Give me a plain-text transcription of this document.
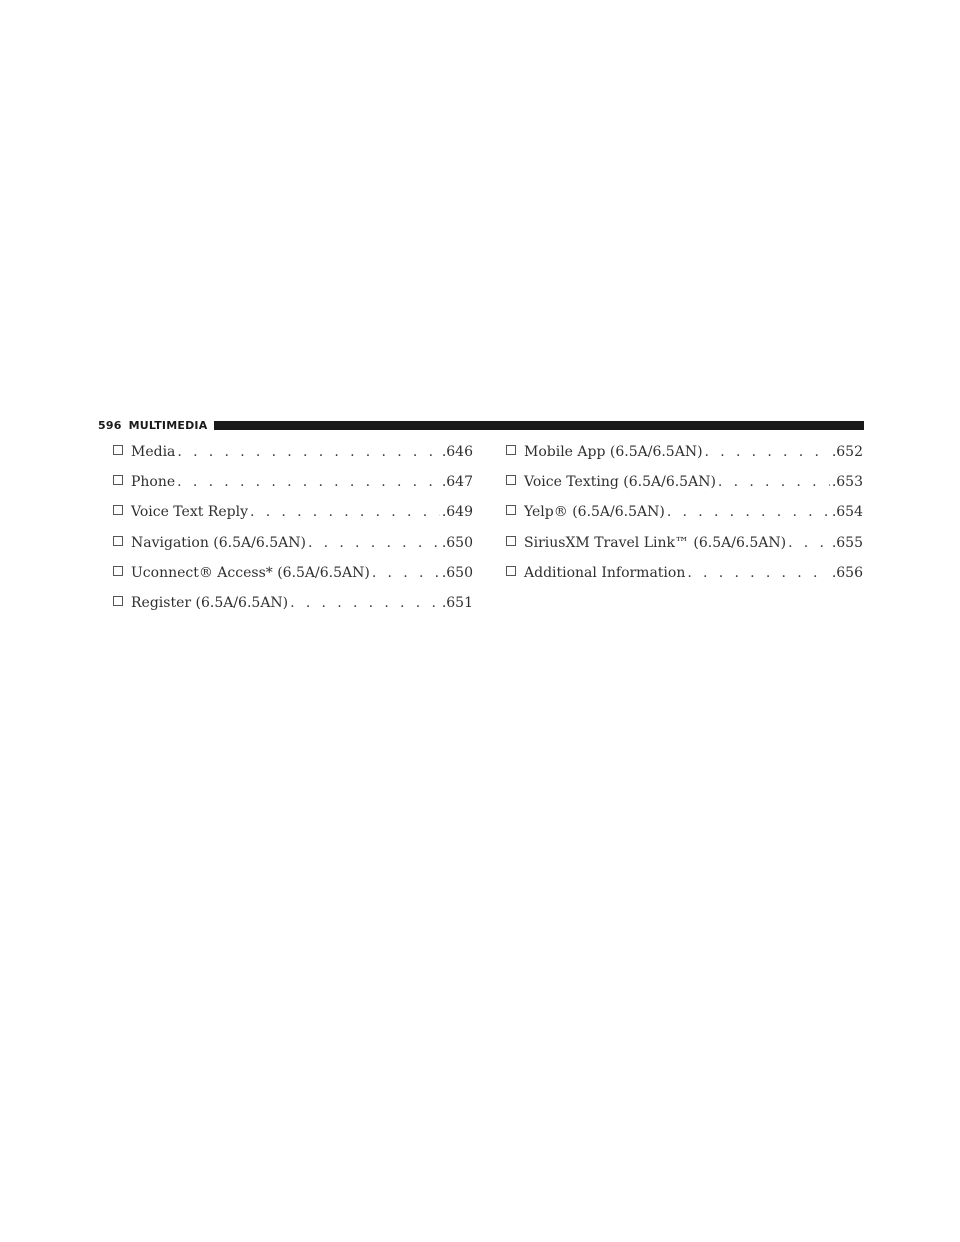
596 MULTIMEDIA
Media . . .	.646
Phone . . .	.647
Voice Text Reply . . .	.649
Navigation (6.5A/6.5AN) . . .	.650
Uconnect® Access* (6.5A/6.5AN) . . .	.650
Register (6.5A/6.5AN) . . .	.651
Mobile App (6.5A/6.5AN) . . .	.652
Voice Texting (6.5A/6.5AN) . . .	.653
Yelp® (6.5A/6.5AN) . . .	.654
SiriusXM Travel Link™ (6.5A/6.5AN) . . .	.655
Additional Information . . .	.656
